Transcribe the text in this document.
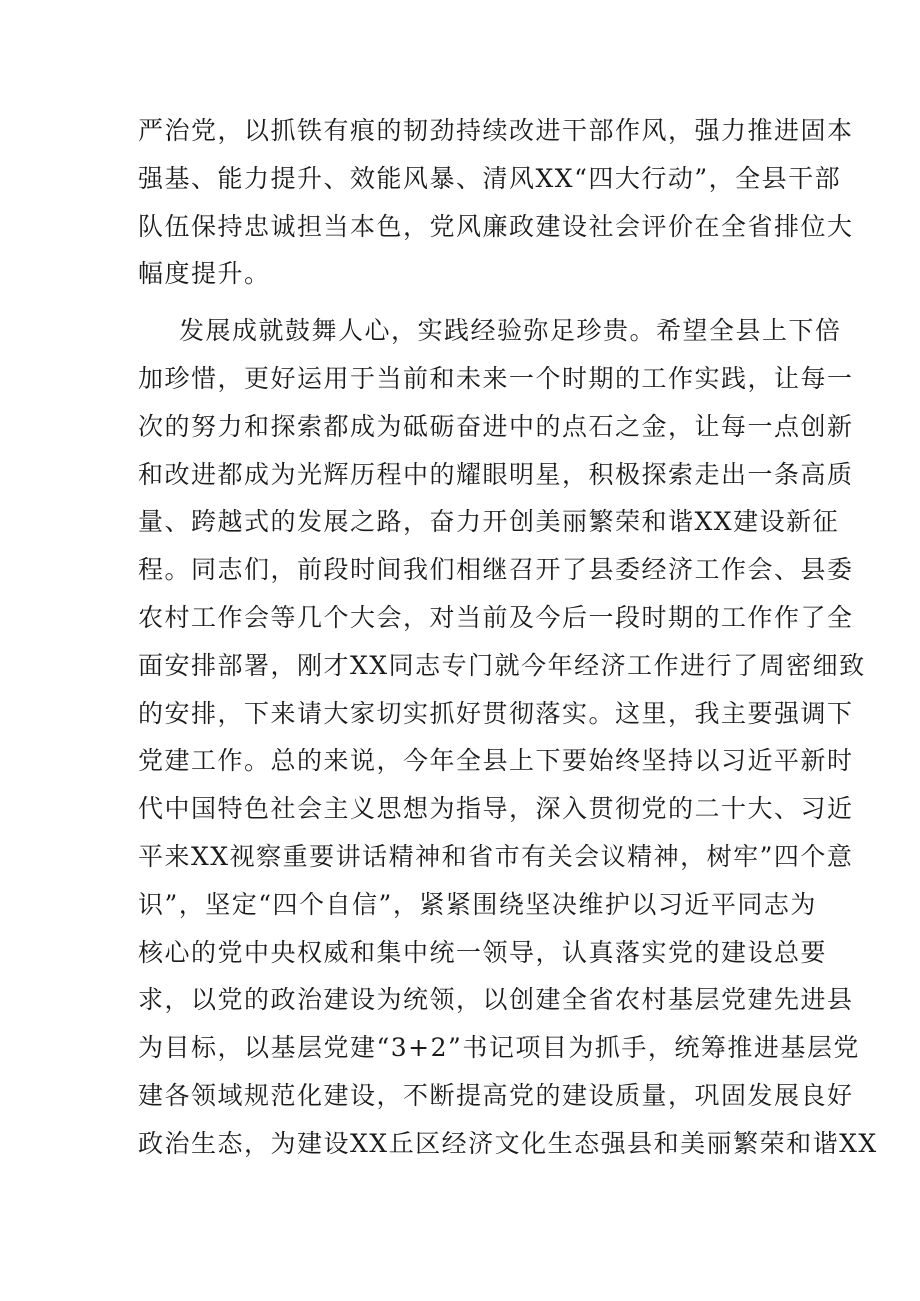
严治党，以抓铁有痕的韧劲持续改进干部作风，强力推进固本
强基、能力提升、效能风暴、清风XX“四大行动”，全县干部
队伍保持忠诚担当本色，党风廉政建设社会评价在全省排位大
幅度提升。
发展成就鼓舞人心，实践经验弥足珍贵。希望全县上下倍
加珍惜，更好运用于当前和未来一个时期的工作实践，让每一
次的努力和探索都成为砥砺奋进中的点石之金，让每一点创新
和改进都成为光辉历程中的耀眼明星，积极探索走出一条高质
量、跨越式的发展之路，奋力开创美丽繁荣和谐XX建设新征
程。同志们，前段时间我们相继召开了县委经济工作会、县委
农村工作会等几个大会，对当前及今后一段时期的工作作了全
面安排部署，刚才XX同志专门就今年经济工作进行了周密细致
的安排，下来请大家切实抓好贯彻落实。这里，我主要强调下
党建工作。总的来说，今年全县上下要始终坚持以习近平新时
代中国特色社会主义思想为指导，深入贯彻党的二十大、习近
平来XX视察重要讲话精神和省市有关会议精神，树牢”四个意
识”，坚定“四个自信”，紧紧围绕坚决维护以习近平同志为
核心的党中央权威和集中统一领导，认真落实党的建设总要
求，以党的政治建设为统领，以创建全省农村基层党建先进县
为目标，以基层党建“3+2”书记项目为抓手，统筹推进基层党
建各领域规范化建设，不断提高党的建设质量，巩固发展良好
政治生态，为建设XX丘区经济文化生态强县和美丽繁荣和谐XX
